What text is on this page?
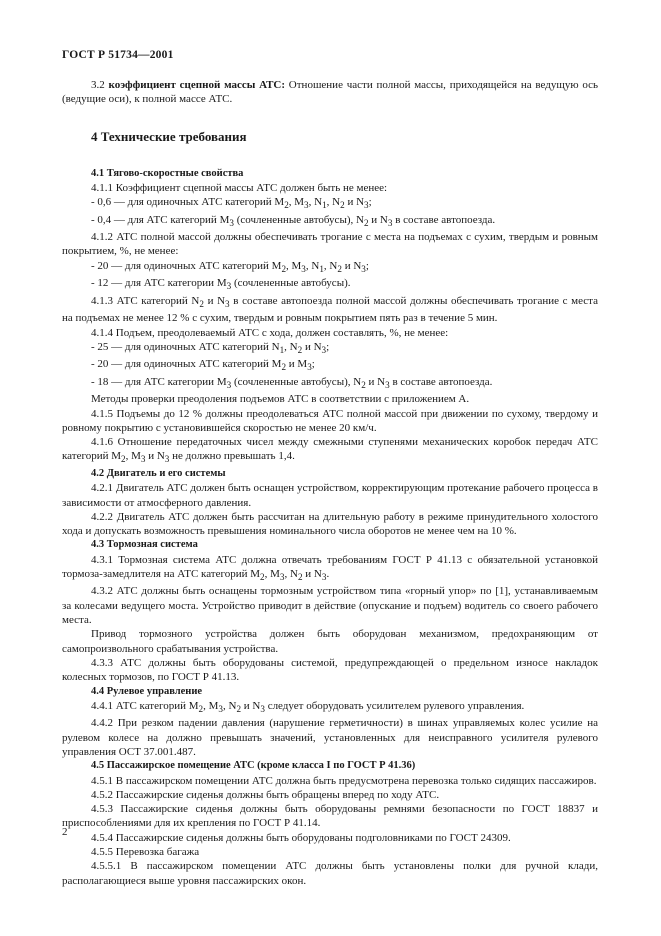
ГОСТ Р 51734—2001

3.2 коэффициент сцепной массы АТС: Отношение части полной массы, приходящейся на ведущую ось (ведущие оси), к полной массе АТС.

4 Технические требования

4.1 Тягово-скоростные свойства

4.1.1 Коэффициент сцепной массы АТС должен быть не менее:

- 0,6 — для одиночных АТС категорий $M_2$, $M_3$, $N_1$, $N_2$ и $N_3$;

- 0,4 — для АТС категорий $M_3$ (сочлененные автобусы), $N_2$ и $N_3$ в составе автопоезда.

4.1.2 АТС полной массой должны обеспечивать трогание с места на подъемах с сухим, твердым и ровным покрытием, %, не менее:

- 20 — для одиночных АТС категорий $M_2$, $M_3$, $N_1$, $N_2$ и $N_3$;

- 12 — для АТС категории $M_3$ (сочлененные автобусы).

4.1.3 АТС категорий $N_2$ и $N_3$ в составе автопоезда полной массой должны обеспечивать трогание с места на подъемах не менее 12 % с сухим, твердым и ровным покрытием пять раз в течение 5 мин.

4.1.4 Подъем, преодолеваемый АТС с хода, должен составлять, %, не менее:

- 25 — для одиночных АТС категорий $N_1$, $N_2$ и $N_3$;

- 20 — для одиночных АТС категорий $M_2$ и $M_3$;

- 18 — для АТС категории $M_3$ (сочлененные автобусы), $N_2$ и $N_3$ в составе автопоезда.

Методы проверки преодоления подъемов АТС в соответствии с приложением А.

4.1.5 Подъемы до 12 % должны преодолеваться АТС полной массой при движении по сухому, твердому и ровному покрытию с установившейся скоростью не менее 20 км/ч.

4.1.6 Отношение передаточных чисел между смежными ступенями механических коробок передач АТС категорий $M_2$, $M_3$ и $N_3$ не должно превышать 1,4.

4.2 Двигатель и его системы

4.2.1 Двигатель АТС должен быть оснащен устройством, корректирующим протекание рабочего процесса в зависимости от атмосферного давления.

4.2.2 Двигатель АТС должен быть рассчитан на длительную работу в режиме принудительного холостого хода и допускать возможность превышения номинального числа оборотов не менее чем на 10 %.

4.3 Тормозная система

4.3.1 Тормозная система АТС должна отвечать требованиям ГОСТ Р 41.13 с обязательной установкой тормоза-замедлителя на АТС категорий $M_2$, $M_3$, $N_2$ и $N_3$.

4.3.2 АТС должны быть оснащены тормозным устройством типа «горный упор» по [1], устанавливаемым за колесами ведущего моста. Устройство приводит в действие (опускание и подъем) водитель со своего рабочего места.

Привод тормозного устройства должен быть оборудован механизмом, предохраняющим от самопроизвольного срабатывания устройства.

4.3.3 АТС должны быть оборудованы системой, предупреждающей о предельном износе накладок колесных тормозов, по ГОСТ Р 41.13.

4.4 Рулевое управление

4.4.1 АТС категорий $M_2$, $M_3$, $N_2$ и $N_3$ следует оборудовать усилителем рулевого управления.

4.4.2 При резком падении давления (нарушение герметичности) в шинах управляемых колес усилие на рулевом колесе на должно превышать значений, установленных для неисправного усилителя рулевого управления ОСТ 37.001.487.

4.5 Пассажирское помещение АТС (кроме класса I по ГОСТ Р 41.36)

4.5.1 В пассажирском помещении АТС должна быть предусмотрена перевозка только сидящих пассажиров.

4.5.2 Пассажирские сиденья должны быть обращены вперед по ходу АТС.

4.5.3 Пассажирские сиденья должны быть оборудованы ремнями безопасности по ГОСТ 18837 и приспособлениями для их крепления по ГОСТ Р 41.14.

4.5.4 Пассажирские сиденья должны быть оборудованы подголовниками по ГОСТ 24309.

4.5.5 Перевозка багажа

4.5.5.1 В пассажирском помещении АТС должны быть установлены полки для ручной клади, располагающиеся выше уровня пассажирских окон.

2
